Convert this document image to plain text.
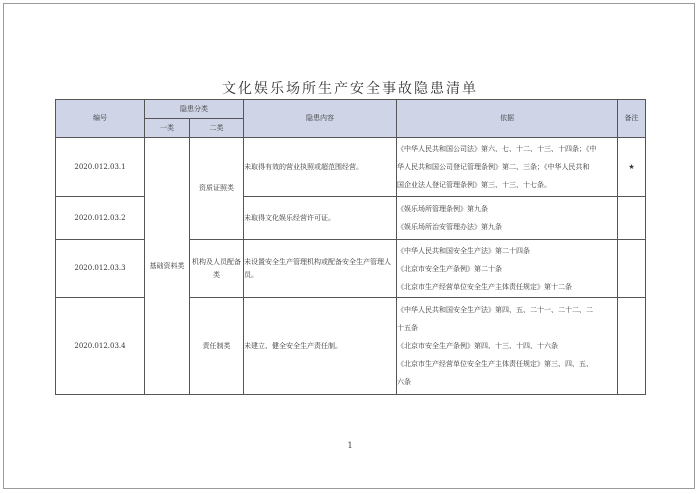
文化娱乐场所生产安全事故隐患清单
编号	隐患分类		隐患内容	依据	备注
	一类	二类			
2020.012.03.1	基础资料类	资质证照类	未取得有效的营业执照或超范围经营。	《中华人民共和国公司法》第六、七、十二、十三、十四条；《中
华人民共和国公司登记管理条例》第二、三条；《中华人民共和
国企业法人登记管理条例》第三、十三、十七条。	★
2020.012.03.2			未取得文化娱乐经营许可证。	《娱乐场所管理条例》第九条
《娱乐场所治安管理办法》第九条	

2020.012.03.3		机构及人员配备类	未设置安全生产管理机构或配备安全生产管理人员。	《中华人民共和国安全生产法》第二十四条
《北京市安全生产条例》第二十条
《北京市生产经营单位安全生产主体责任规定》第十二条	

2020.012.03.4		责任制类	未建立、健全安全生产责任制。	《中华人民共和国安全生产法》第四、五、二十一、二十二、二
十五条
《北京市安全生产条例》第四、十三、十四、十六条
《北京市生产经营单位安全生产主体责任规定》第三、四、五、
六条	

1
